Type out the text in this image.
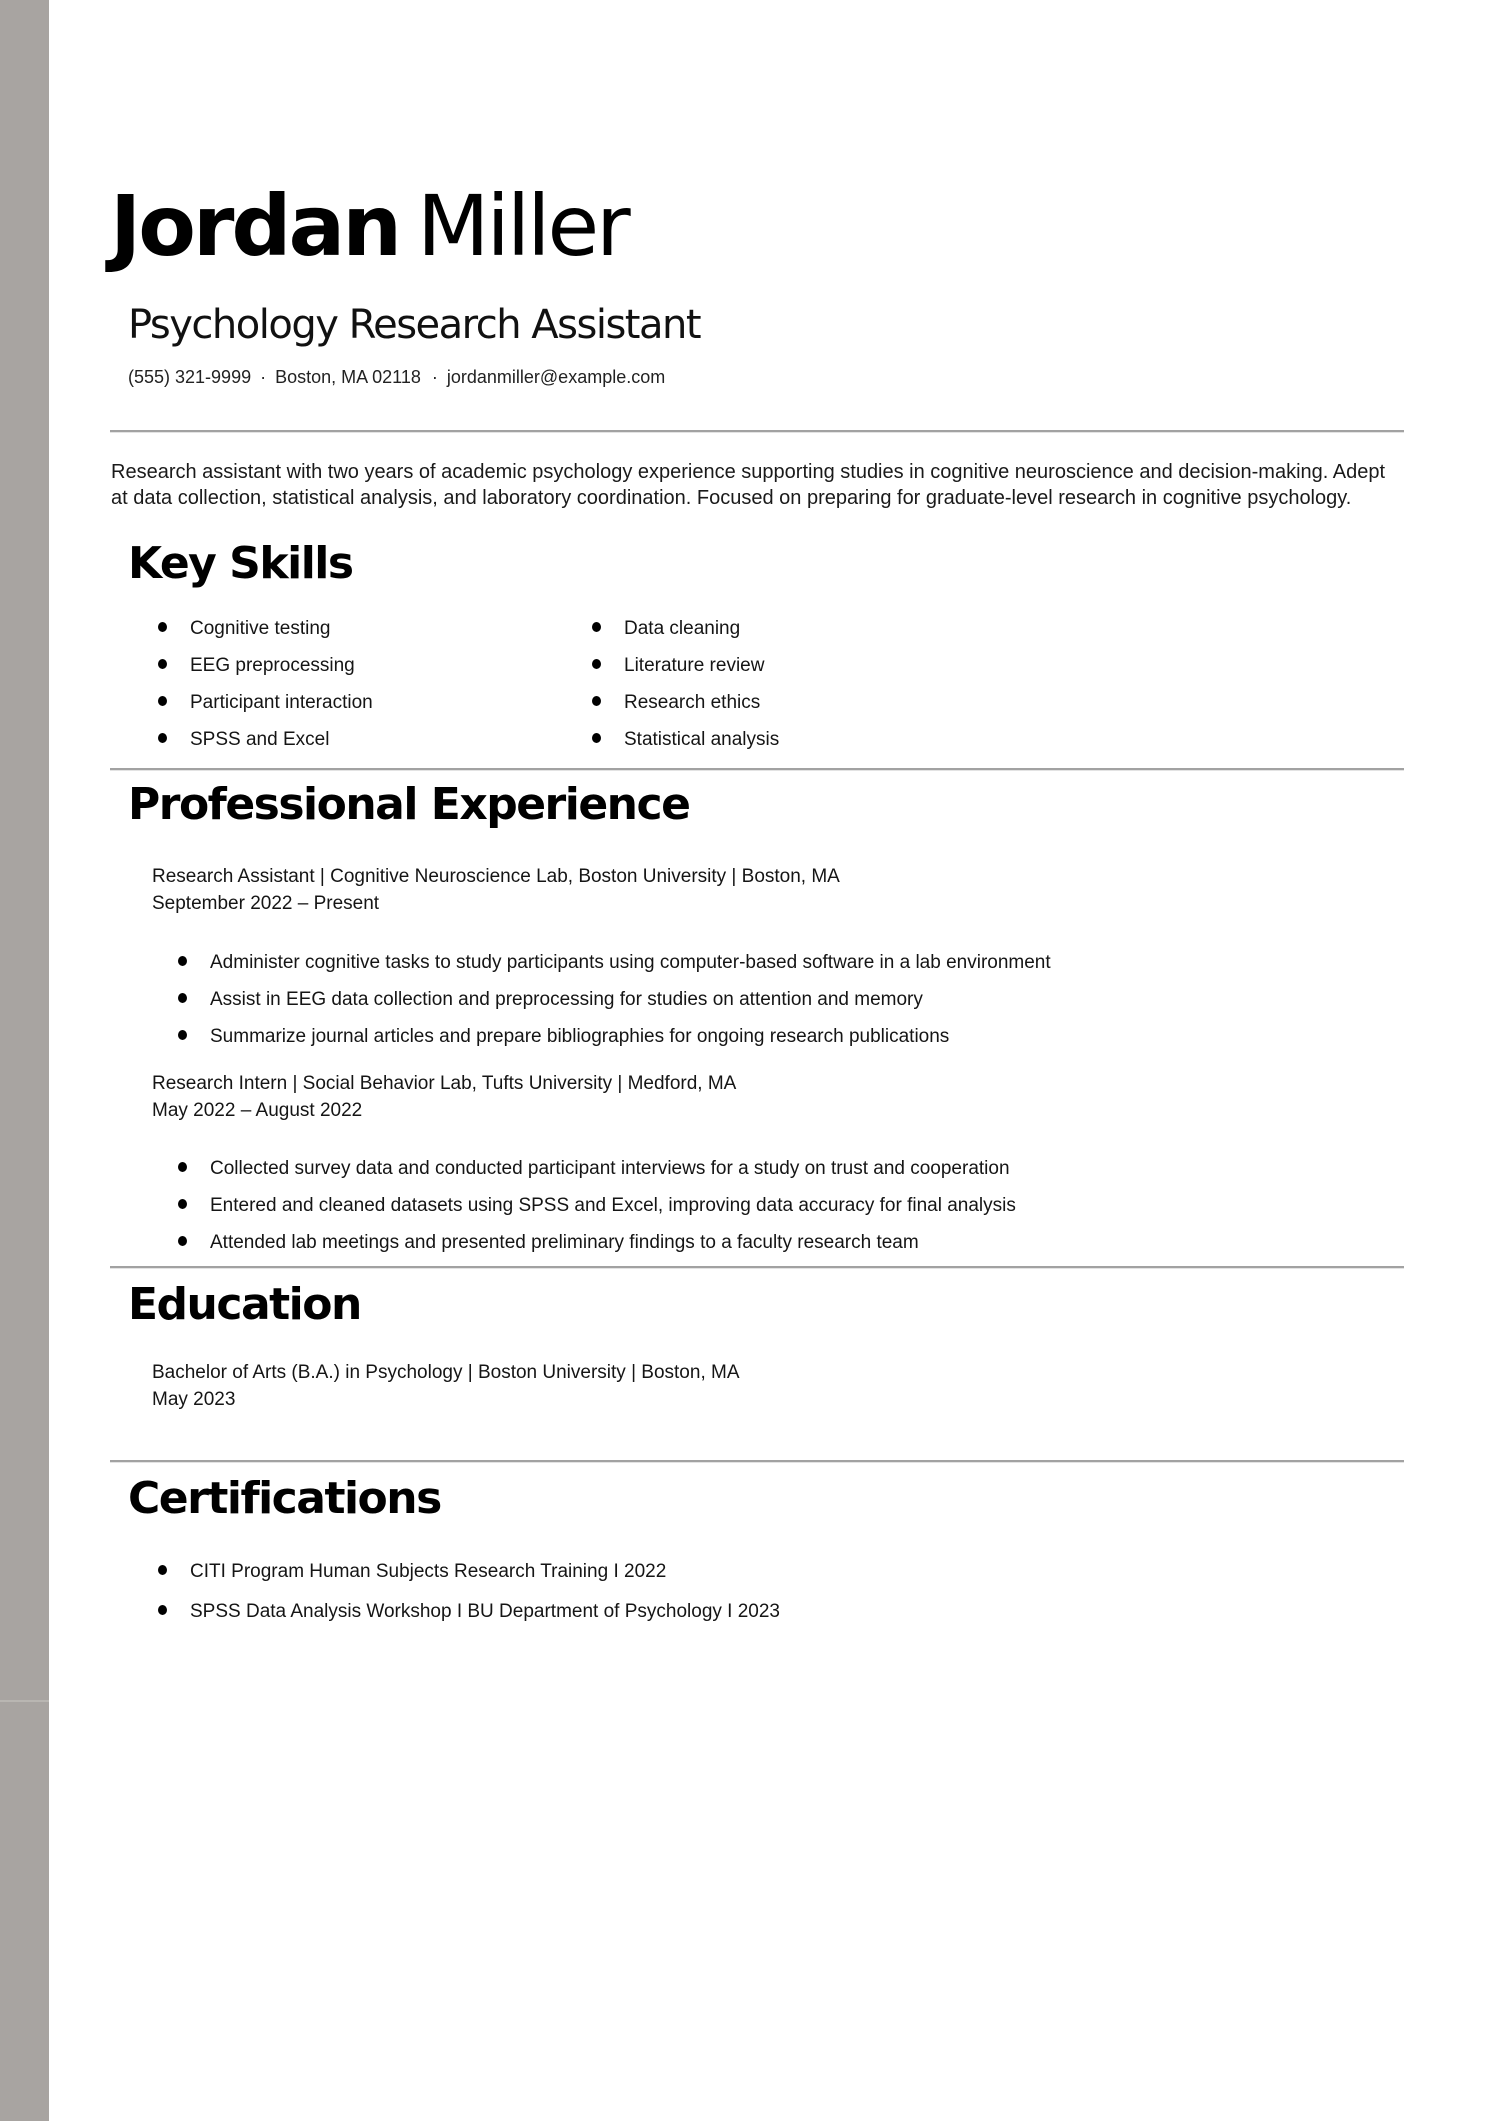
Jordan Miller
Psychology Research Assistant
(555) 321-9999 · Boston, MA 02118 · jordanmiller@example.com

Research assistant with two years of academic psychology experience supporting studies in cognitive neuroscience and decision-making. Adept at data collection, statistical analysis, and laboratory coordination. Focused on preparing for graduate-level research in cognitive psychology.

Key Skills
Cognitive testing
EEG preprocessing
Participant interaction
SPSS and Excel
Data cleaning
Literature review
Research ethics
Statistical analysis
Professional Experience
Research Assistant | Cognitive Neuroscience Lab, Boston University | Boston, MA
September 2022 – Present
Administer cognitive tasks to study participants using computer-based software in a lab environment
Assist in EEG data collection and preprocessing for studies on attention and memory
Summarize journal articles and prepare bibliographies for ongoing research publications
Research Intern | Social Behavior Lab, Tufts University | Medford, MA
May 2022 – August 2022
Collected survey data and conducted participant interviews for a study on trust and cooperation
Entered and cleaned datasets using SPSS and Excel, improving data accuracy for final analysis
Attended lab meetings and presented preliminary findings to a faculty research team
Education
Bachelor of Arts (B.A.) in Psychology | Boston University | Boston, MA
May 2023
Certifications
CITI Program Human Subjects Research Training I 2022
SPSS Data Analysis Workshop I BU Department of Psychology I 2023
